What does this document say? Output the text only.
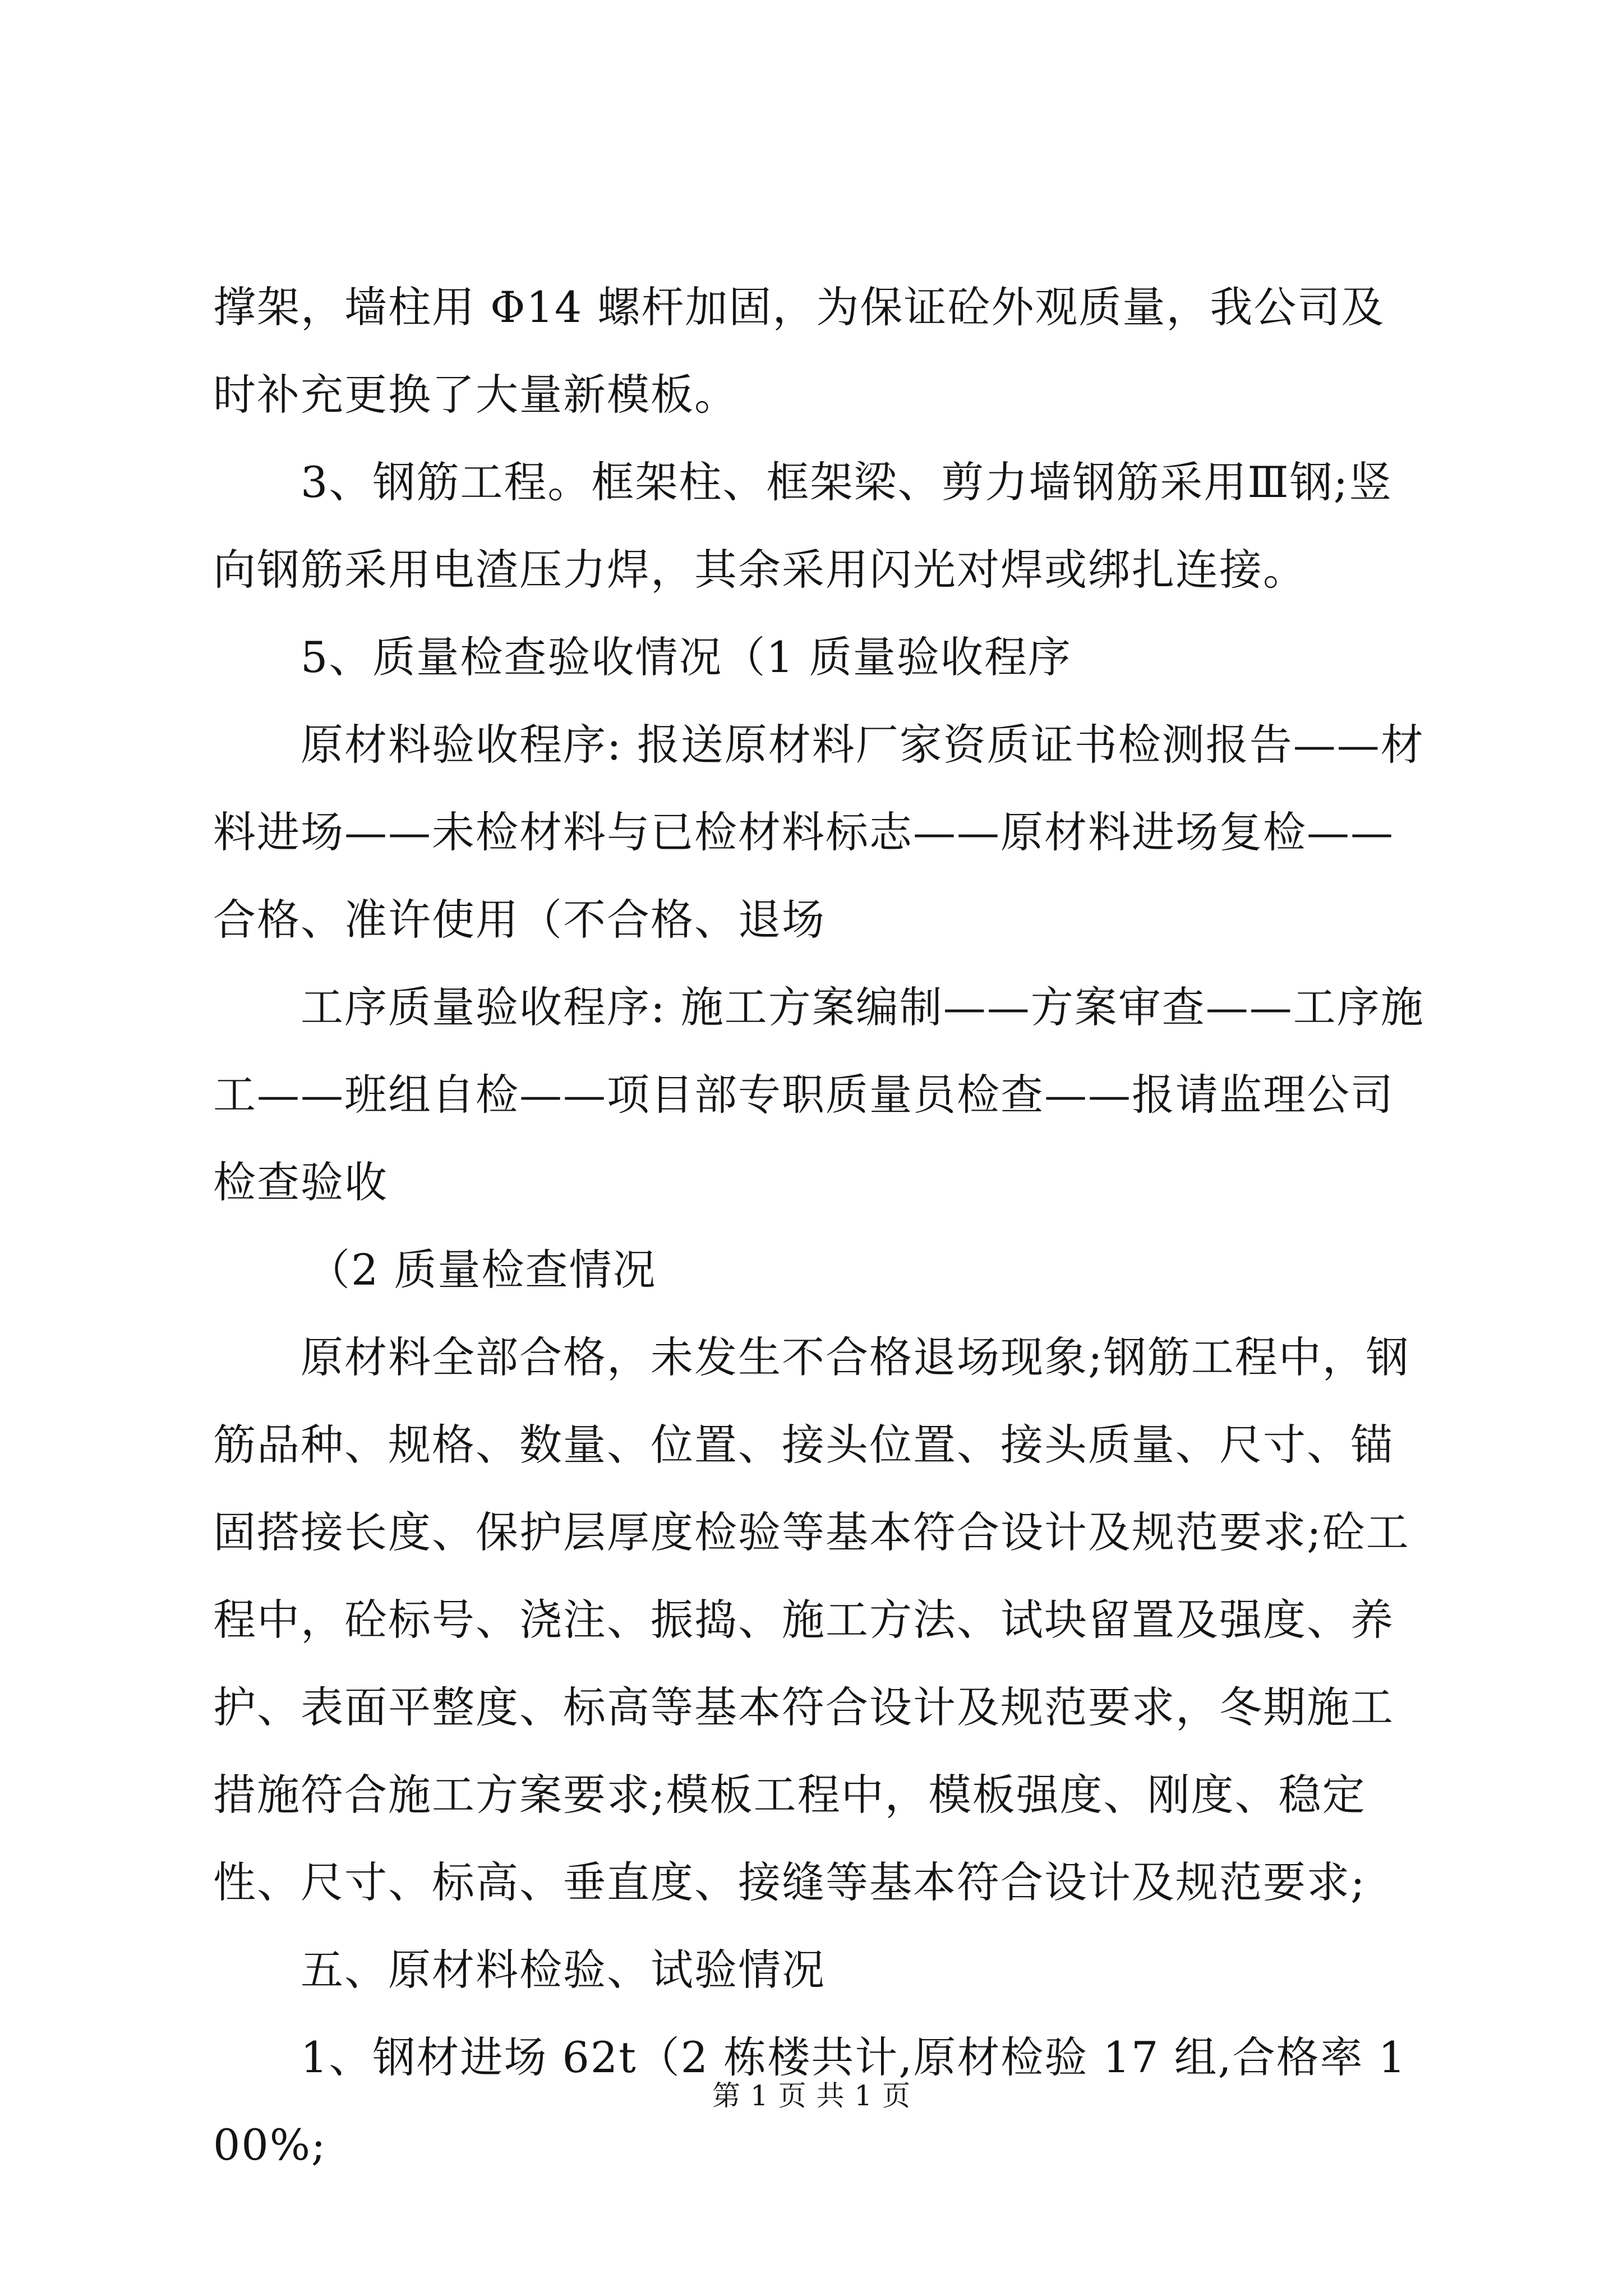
撑架，墙柱用 Φ14 螺杆加固，为保证砼外观质量，我公司及时补充更换了大量新模板。

3、钢筋工程。框架柱、框架梁、剪力墙钢筋采用Ⅲ钢;竖向钢筋采用电渣压力焊，其余采用闪光对焊或绑扎连接。

5、质量检查验收情况（1 质量验收程序

原材料验收程序: 报送原材料厂家资质证书检测报告——材料进场——未检材料与已检材料标志——原材料进场复检——合格、准许使用（不合格、退场

工序质量验收程序: 施工方案编制——方案审查——工序施工——班组自检——项目部专职质量员检查——报请监理公司检查验收

（2 质量检查情况

原材料全部合格，未发生不合格退场现象;钢筋工程中，钢筋品种、规格、数量、位置、接头位置、接头质量、尺寸、锚固搭接长度、保护层厚度检验等基本符合设计及规范要求;砼工程中，砼标号、浇注、振捣、施工方法、试块留置及强度、养护、表面平整度、标高等基本符合设计及规范要求，冬期施工措施符合施工方案要求;模板工程中，模板强度、刚度、稳定性、尺寸、标高、垂直度、接缝等基本符合设计及规范要求;

五、原材料检验、试验情况

1、钢材进场 62t（2 栋楼共计,原材检验 17 组,合格率 100%;

第 1 页 共 1 页
